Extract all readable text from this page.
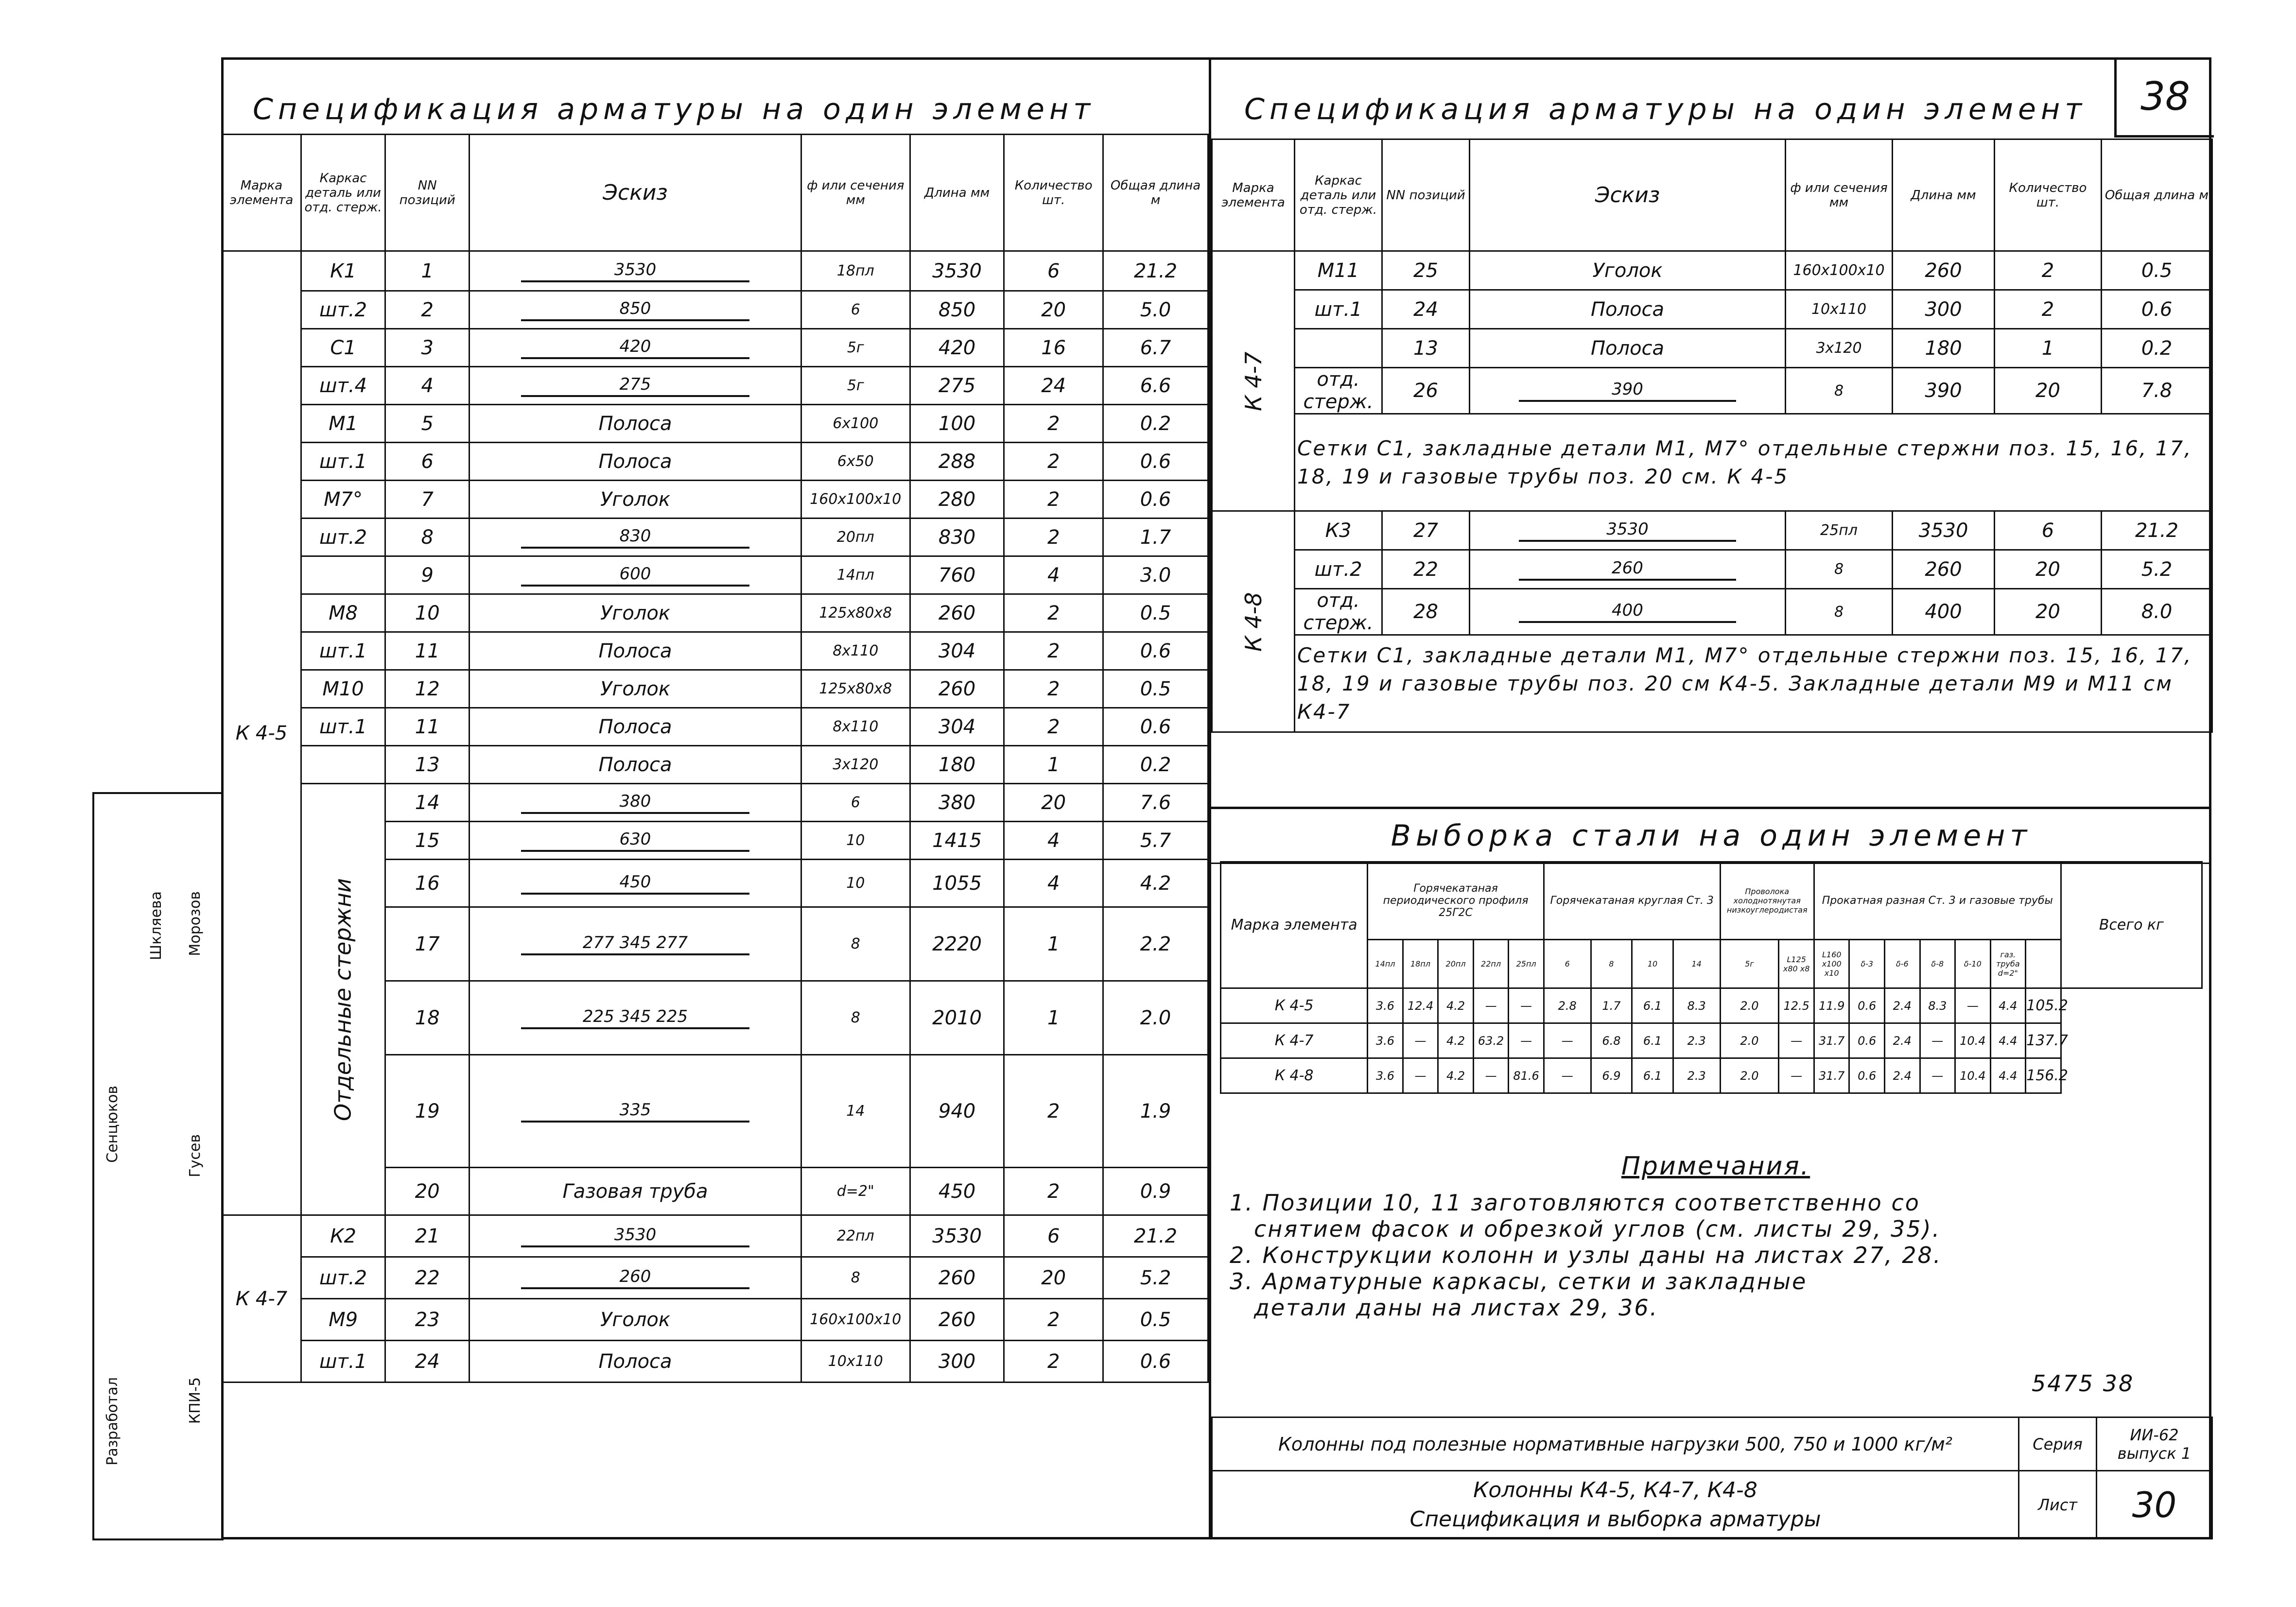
Сенцюков
Шкляева Морозов
Гусев
Разработал	КПИ-5
Спецификация арматуры на один элемент
Марка элемента	Каркас деталь или отд. стерж.	NN позиций	Эскиз	ф или сечения мм	Длина мм	Количество шт.	Общая длина м
К 4-5	К1	1	3530	18пл	3530	6	21.2
	шт.2	2	850	6	850	20	5.0
	С1	3	420	5г	420	16	6.7
	шт.4	4	275	5г	275	24	6.6
	М1	5	Полоса	6х100	100	2	0.2
	шт.1	6	Полоса	6х50	288	2	0.6
	М7°	7	Уголок	160х100х10	280	2	0.6
	шт.2	8	830	20пл	830	2	1.7
		9	600	14пл	760	4	3.0
	М8	10	Уголок	125х80х8	260	2	0.5
	шт.1	11	Полоса	8х110	304	2	0.6
	М10	12	Уголок	125х80х8	260	2	0.5
	шт.1	11	Полоса	8х110	304	2	0.6
		13	Полоса	3х120	180	1	0.2
	Отдельные стержни	14	380	6	380	20	7.6
		15	630	10	1415	4	5.7
		16	450	10	1055	4	4.2
		17	277 345 277	8	2220	1	2.2
		18	225 345 225	8	2010	1	2.0
		19	335	14	940	2	1.9
		20	Газовая труба	d=2"	450	2	0.9
К 4-7	К2	21	3530	22пл	3530	6	21.2
	шт.2	22	260	8	260	20	5.2
	М9	23	Уголок	160х100х10	260	2	0.5
	шт.1	24	Полоса	10х110	300	2	0.6
38
Спецификация арматуры на один элемент
Марка элемента	Каркас деталь или отд. стерж.	NN позиций	Эскиз	ф или сечения мм	Длина мм	Количество шт.	Общая длина м
К 4-7	М11	25	Уголок	160х100х10	260	2	0.5
	шт.1	24	Полоса	10х110	300	2	0.6
		13	Полоса	3х120	180	1	0.2
	отд. стерж.	26	390	8	390	20	7.8
	Сетки С1, закладные детали М1, М7° отдельные стержни поз. 15, 16, 17, 18, 19 и газовые трубы поз. 20 см. К 4-5						
К 4-8	К3	27	3530	25пл	3530	6	21.2
	шт.2	22	260	8	260	20	5.2
	отд. стерж.	28	400	8	400	20	8.0
	Сетки С1, закладные детали М1, М7° отдельные стержни поз. 15, 16, 17, 18, 19 и газовые трубы поз. 20 см К4-5. Закладные детали М9 и М11 см К4-7						
Выборка стали на один элемент
Марка элемента	Горячекатаная периодического профиля 25Г2С					Горячекатаная круглая Ст. 3				Проволока холоднотянутая низкоуглеродистая		Прокатная разная Ст. 3 и газовые трубы							Всего кг
	14пл	18пл	20пл	22пл	25пл	6	8	10	14	5г	L125 x80 x8	L160 x100 x10	δ-3	δ-6	δ-8	δ-10	газ. труба d=2"		
К 4-5	3.6	12.4	4.2	—	—	2.8	1.7	6.1	8.3	2.0	12.5	11.9	0.6	2.4	8.3	—	4.4	105.2	
К 4-7	3.6	—	4.2	63.2	—	—	6.8	6.1	2.3	2.0	—	31.7	0.6	2.4	—	10.4	4.4	137.7	
К 4-8	3.6	—	4.2	—	81.6	—	6.9	6.1	2.3	2.0	—	31.7	0.6	2.4	—	10.4	4.4	156.2	
Примечания.
1. Позиции 10, 11 заготовляются соответственно со
снятием фасок и обрезкой углов (см. листы 29, 35).
2. Конструкции колонн и узлы даны на листах 27, 28.
3. Арматурные каркасы, сетки и закладные
детали даны на листах 29, 36.
5475 38
Колонны под полезные нормативные нагрузки 500, 750 и 1000 кг/м²	Серия	ИИ-62 выпуск 1

Колонны К4-5, К4-7, К4-8
Спецификация и выборка арматуры	Лист	30
